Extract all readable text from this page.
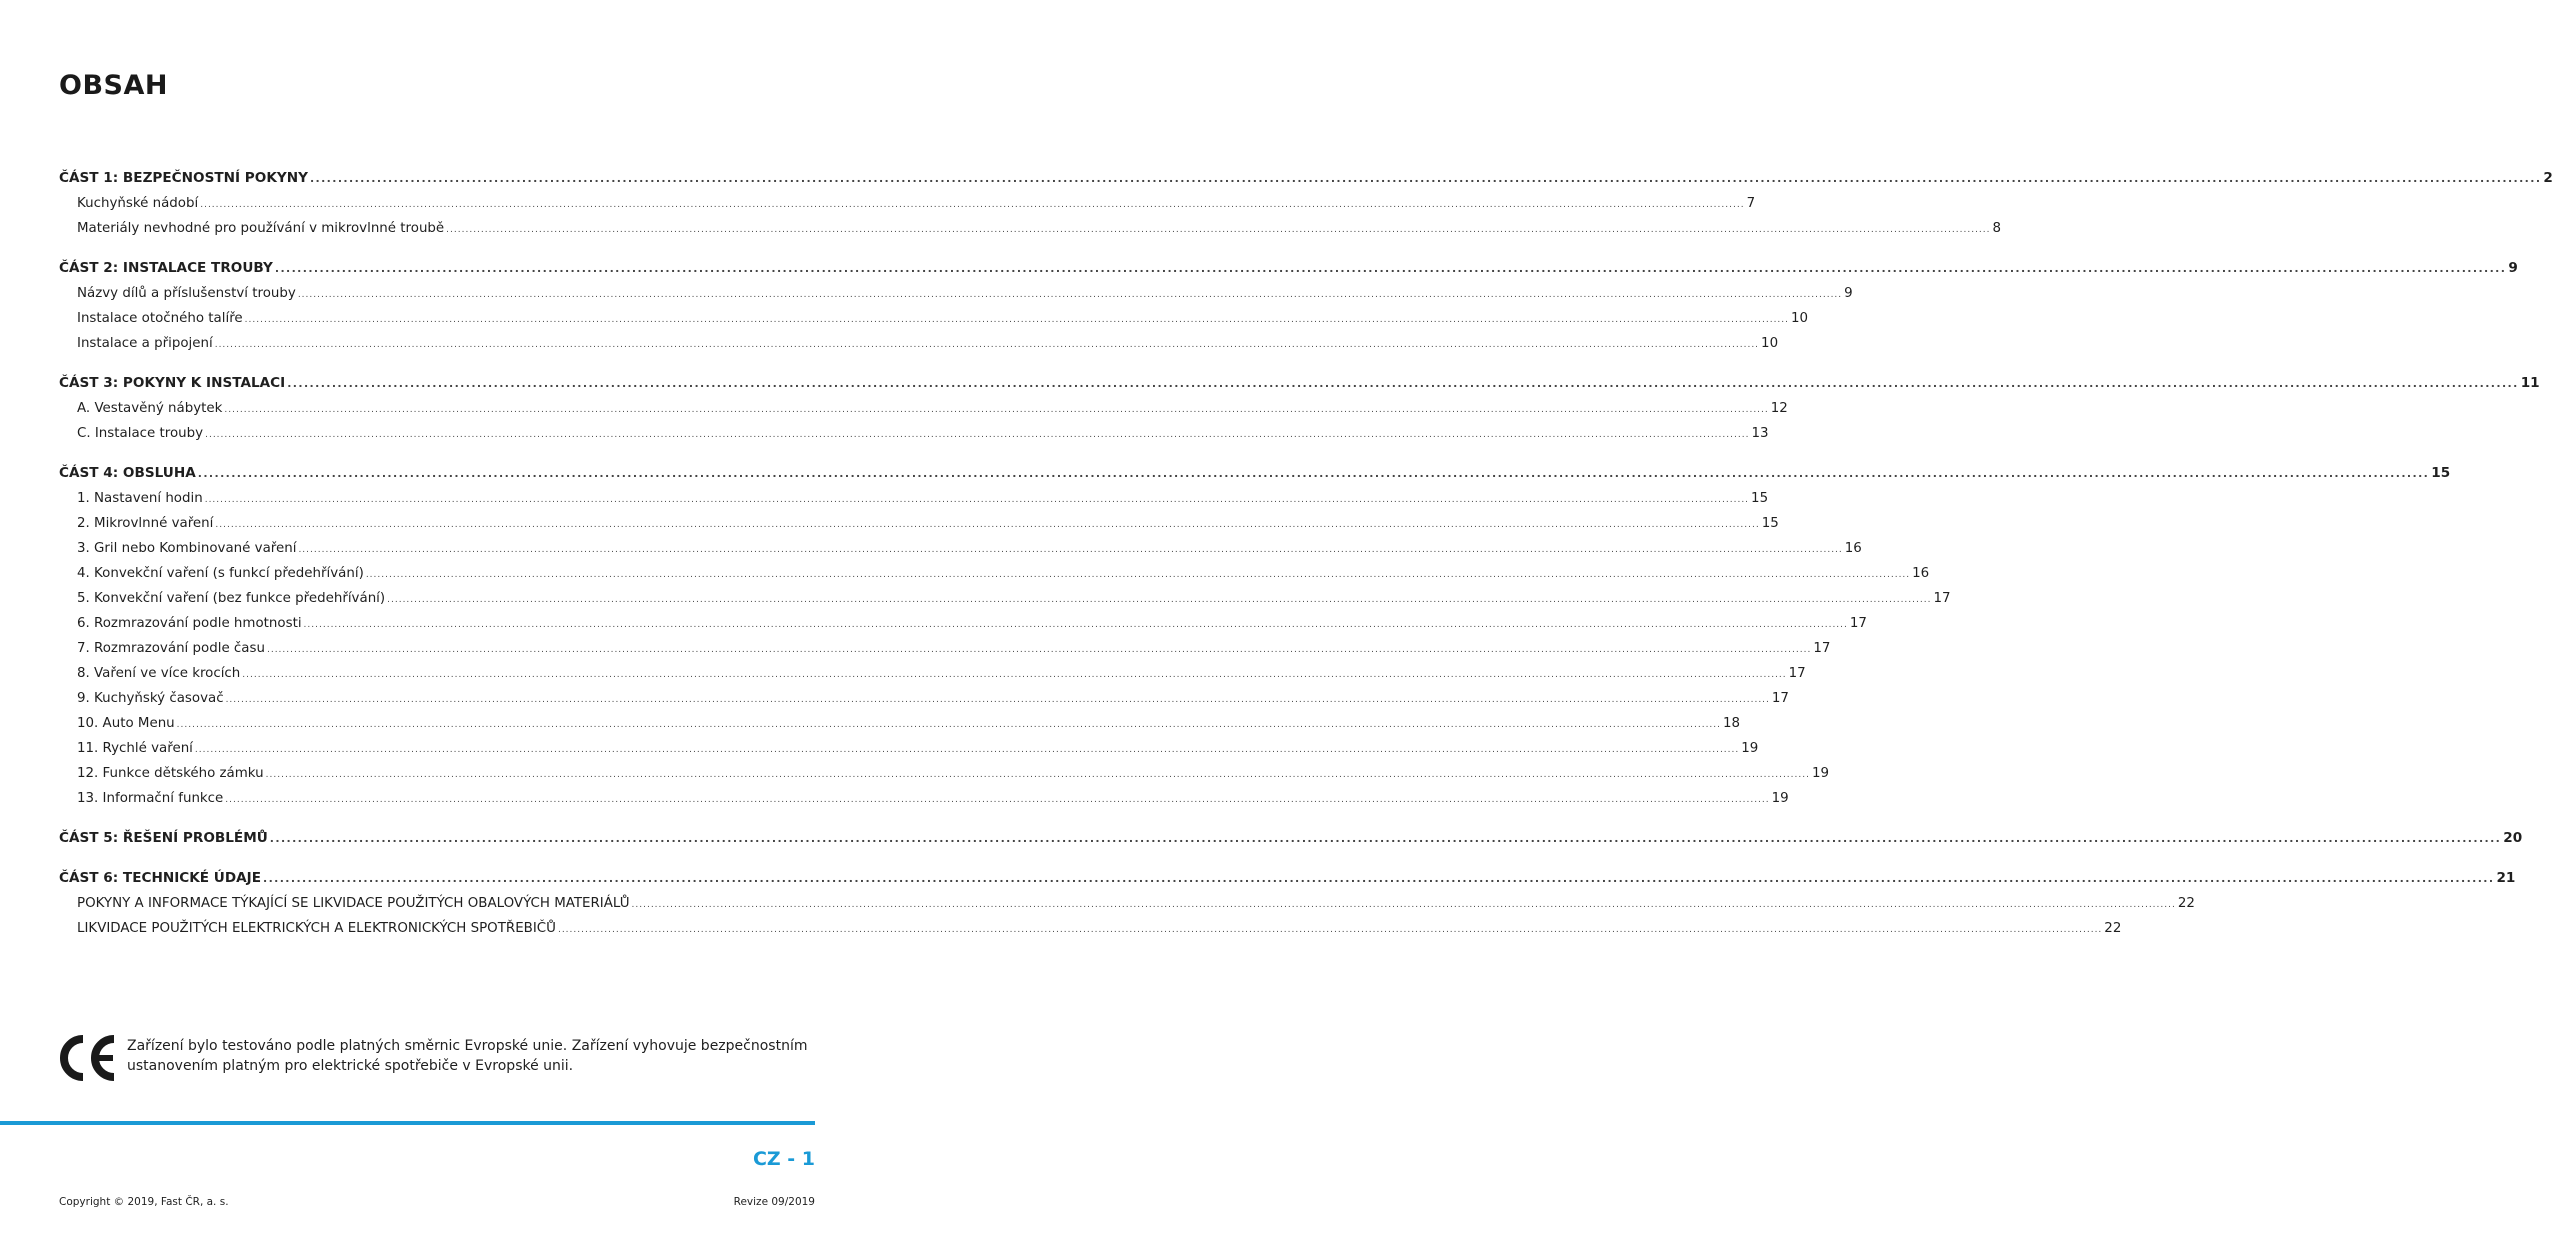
OBSAH
ČÁST 1: BEZPEČNOSTNÍ POKYNY ................................................................................................................................................................................................................................................................................................................................................................................................................ 2
Kuchyňské nádobí ................................................................................................................................................................................................................................................................................................................................................................................................................ 7
Materiály nevhodné pro používání v mikrovlnné troubě ................................................................................................................................................................................................................................................................................................................................................................................................................ 8
ČÁST 2: INSTALACE TROUBY ................................................................................................................................................................................................................................................................................................................................................................................................................ 9
Názvy dílů a příslušenství trouby ................................................................................................................................................................................................................................................................................................................................................................................................................ 9
Instalace otočného talíře ................................................................................................................................................................................................................................................................................................................................................................................................................ 10
Instalace a připojení ................................................................................................................................................................................................................................................................................................................................................................................................................ 10
ČÁST 3: POKYNY K INSTALACI ................................................................................................................................................................................................................................................................................................................................................................................................................ 11
A. Vestavěný nábytek ................................................................................................................................................................................................................................................................................................................................................................................................................ 12
C. Instalace trouby ................................................................................................................................................................................................................................................................................................................................................................................................................ 13
ČÁST 4: OBSLUHA ................................................................................................................................................................................................................................................................................................................................................................................................................ 15
1. Nastavení hodin ................................................................................................................................................................................................................................................................................................................................................................................................................ 15
2. Mikrovlnné vaření ................................................................................................................................................................................................................................................................................................................................................................................................................ 15
3. Gril nebo Kombinované vaření ................................................................................................................................................................................................................................................................................................................................................................................................................ 16
4. Konvekční vaření (s funkcí předehřívání) ................................................................................................................................................................................................................................................................................................................................................................................................................ 16
5. Konvekční vaření (bez funkce předehřívání) ................................................................................................................................................................................................................................................................................................................................................................................................................ 17
6. Rozmrazování podle hmotnosti ................................................................................................................................................................................................................................................................................................................................................................................................................ 17
7. Rozmrazování podle času ................................................................................................................................................................................................................................................................................................................................................................................................................ 17
8. Vaření ve více krocích ................................................................................................................................................................................................................................................................................................................................................................................................................ 17
9. Kuchyňský časovač ................................................................................................................................................................................................................................................................................................................................................................................................................ 17
10. Auto Menu ................................................................................................................................................................................................................................................................................................................................................................................................................ 18
11. Rychlé vaření ................................................................................................................................................................................................................................................................................................................................................................................................................ 19
12. Funkce dětského zámku ................................................................................................................................................................................................................................................................................................................................................................................................................ 19
13. Informační funkce ................................................................................................................................................................................................................................................................................................................................................................................................................ 19
ČÁST 5: ŘEŠENÍ PROBLÉMŮ ................................................................................................................................................................................................................................................................................................................................................................................................................ 20
ČÁST 6: TECHNICKÉ ÚDAJE ................................................................................................................................................................................................................................................................................................................................................................................................................ 21
POKYNY A INFORMACE TÝKAJÍCÍ SE LIKVIDACE POUŽITÝCH OBALOVÝCH MATERIÁLŮ ................................................................................................................................................................................................................................................................................................................................................................................................................ 22
LIKVIDACE POUŽITÝCH ELEKTRICKÝCH A ELEKTRONICKÝCH SPOTŘEBIČŮ ................................................................................................................................................................................................................................................................................................................................................................................................................ 22
Zařízení bylo testováno podle platných směrnic Evropské unie. Zařízení vyhovuje bezpečnostním ustanovením platným pro elektrické spotřebiče v Evropské unii.
CZ - 1
Copyright © 2019, Fast ČR, a. s.	Revize 09/2019
